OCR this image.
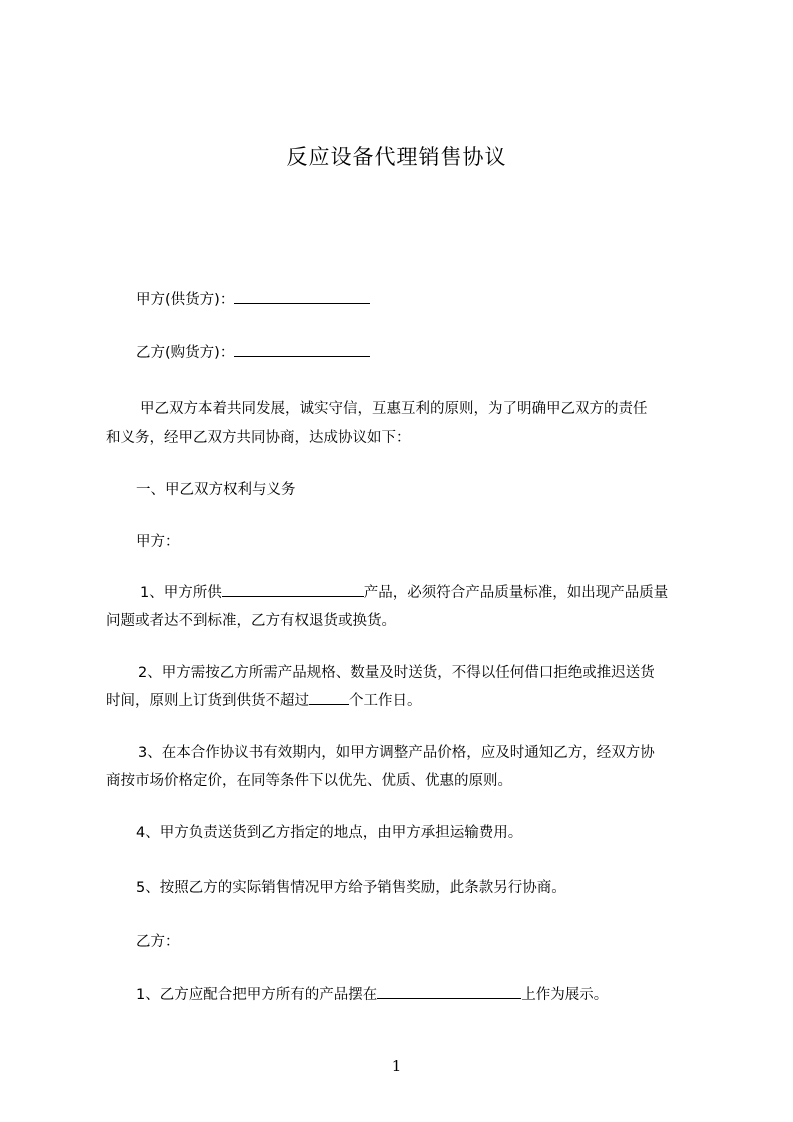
反应设备代理销售协议

甲方(供货方)：

乙方(购货方)：

甲乙双方本着共同发展，诚实守信，互惠互利的原则，为了明确甲乙双方的责任

和义务，经甲乙双方共同协商，达成协议如下：

一、甲乙双方权利与义务

甲方：

1、甲方所供	产品，必须符合产品质量标准，如出现产品质量

问题或者达不到标准，乙方有权退货或换货。

2、甲方需按乙方所需产品规格、数量及时送货，不得以任何借口拒绝或推迟送货

时间，原则上订货到供货不超过	个工作日。

3、在本合作协议书有效期内，如甲方调整产品价格，应及时通知乙方，经双方协

商按市场价格定价，在同等条件下以优先、优质、优惠的原则。

4、甲方负责送货到乙方指定的地点，由甲方承担运输费用。

5、按照乙方的实际销售情况甲方给予销售奖励，此条款另行协商。

乙方：

1、乙方应配合把甲方所有的产品摆在	上作为展示。

1
